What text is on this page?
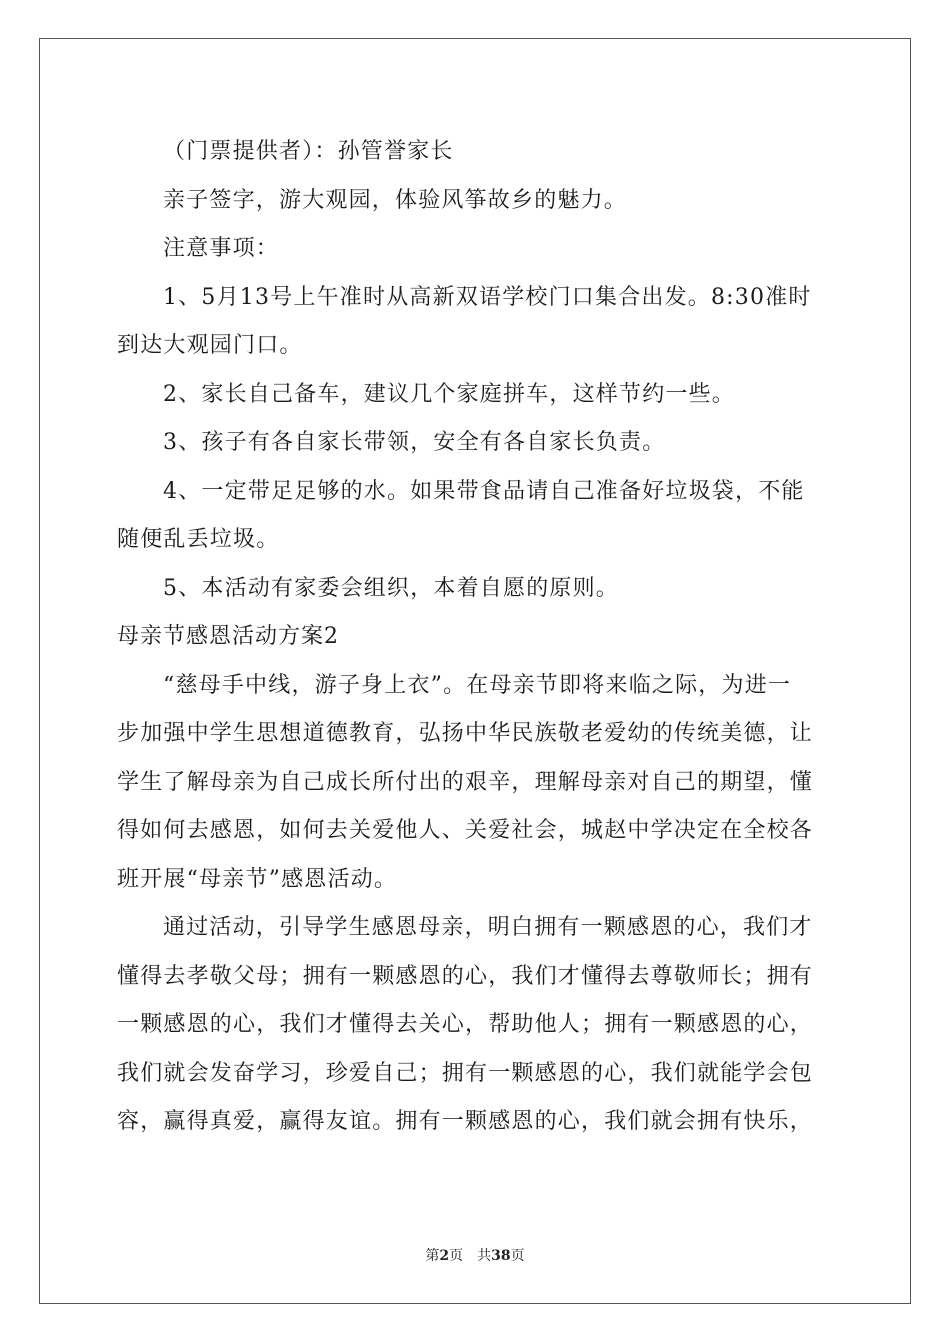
（门票提供者）：孙管誉家长
亲子签字，游大观园，体验风筝故乡的魅力。
注意事项：
1、5月13号上午准时从高新双语学校门口集合出发。8:30准时
到达大观园门口。
2、家长自己备车，建议几个家庭拼车，这样节约一些。
3、孩子有各自家长带领，安全有各自家长负责。
4、一定带足足够的水。如果带食品请自己准备好垃圾袋，不能
随便乱丢垃圾。
5、本活动有家委会组织，本着自愿的原则。
母亲节感恩活动方案2
“慈母手中线，游子身上衣”。在母亲节即将来临之际，为进一
步加强中学生思想道德教育，弘扬中华民族敬老爱幼的传统美德，让
学生了解母亲为自己成长所付出的艰辛，理解母亲对自己的期望，懂
得如何去感恩，如何去关爱他人、关爱社会，城赵中学决定在全校各
班开展“母亲节”感恩活动。
通过活动，引导学生感恩母亲，明白拥有一颗感恩的心，我们才
懂得去孝敬父母；拥有一颗感恩的心，我们才懂得去尊敬师长；拥有
一颗感恩的心，我们才懂得去关心，帮助他人；拥有一颗感恩的心，
我们就会发奋学习，珍爱自己；拥有一颗感恩的心，我们就能学会包
容，赢得真爱，赢得友谊。拥有一颗感恩的心，我们就会拥有快乐，
第2页 共38页
